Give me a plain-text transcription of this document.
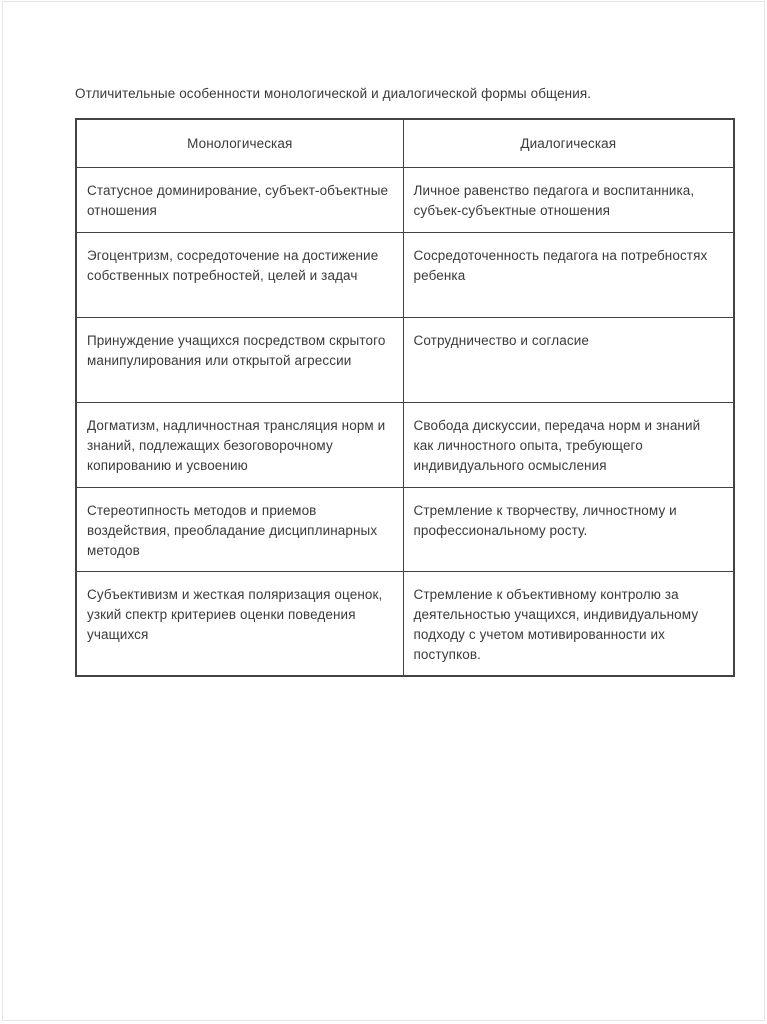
Отличительные особенности монологической и диалогической формы общения.

Монологическая	Диалогическая
Статусное доминирование, субъект-объектные отношения	Личное равенство педагога и воспитанника, субъек-субъектные отношения
Эгоцентризм, сосредоточение на достижение собственных потребностей, целей и задач	Сосредоточенность педагога на потребностях ребенка
Принуждение учащихся посредством скрытого манипулирования или открытой агрессии	Сотрудничество и согласие
Догматизм, надличностная трансляция норм и знаний, подлежащих безоговорочному копированию и усвоению	Свобода дискуссии, передача норм и знаний как личностного опыта, требующего индивидуального осмысления
Стереотипность методов и приемов воздействия, преобладание дисциплинарных методов	Стремление к творчеству, личностному и профессиональному росту.
Субъективизм и жесткая поляризация оценок, узкий спектр критериев оценки поведения учащихся	Стремление к объективному контролю за деятельностью учащихся, индивидуальному подходу с учетом мотивированности их поступков.
